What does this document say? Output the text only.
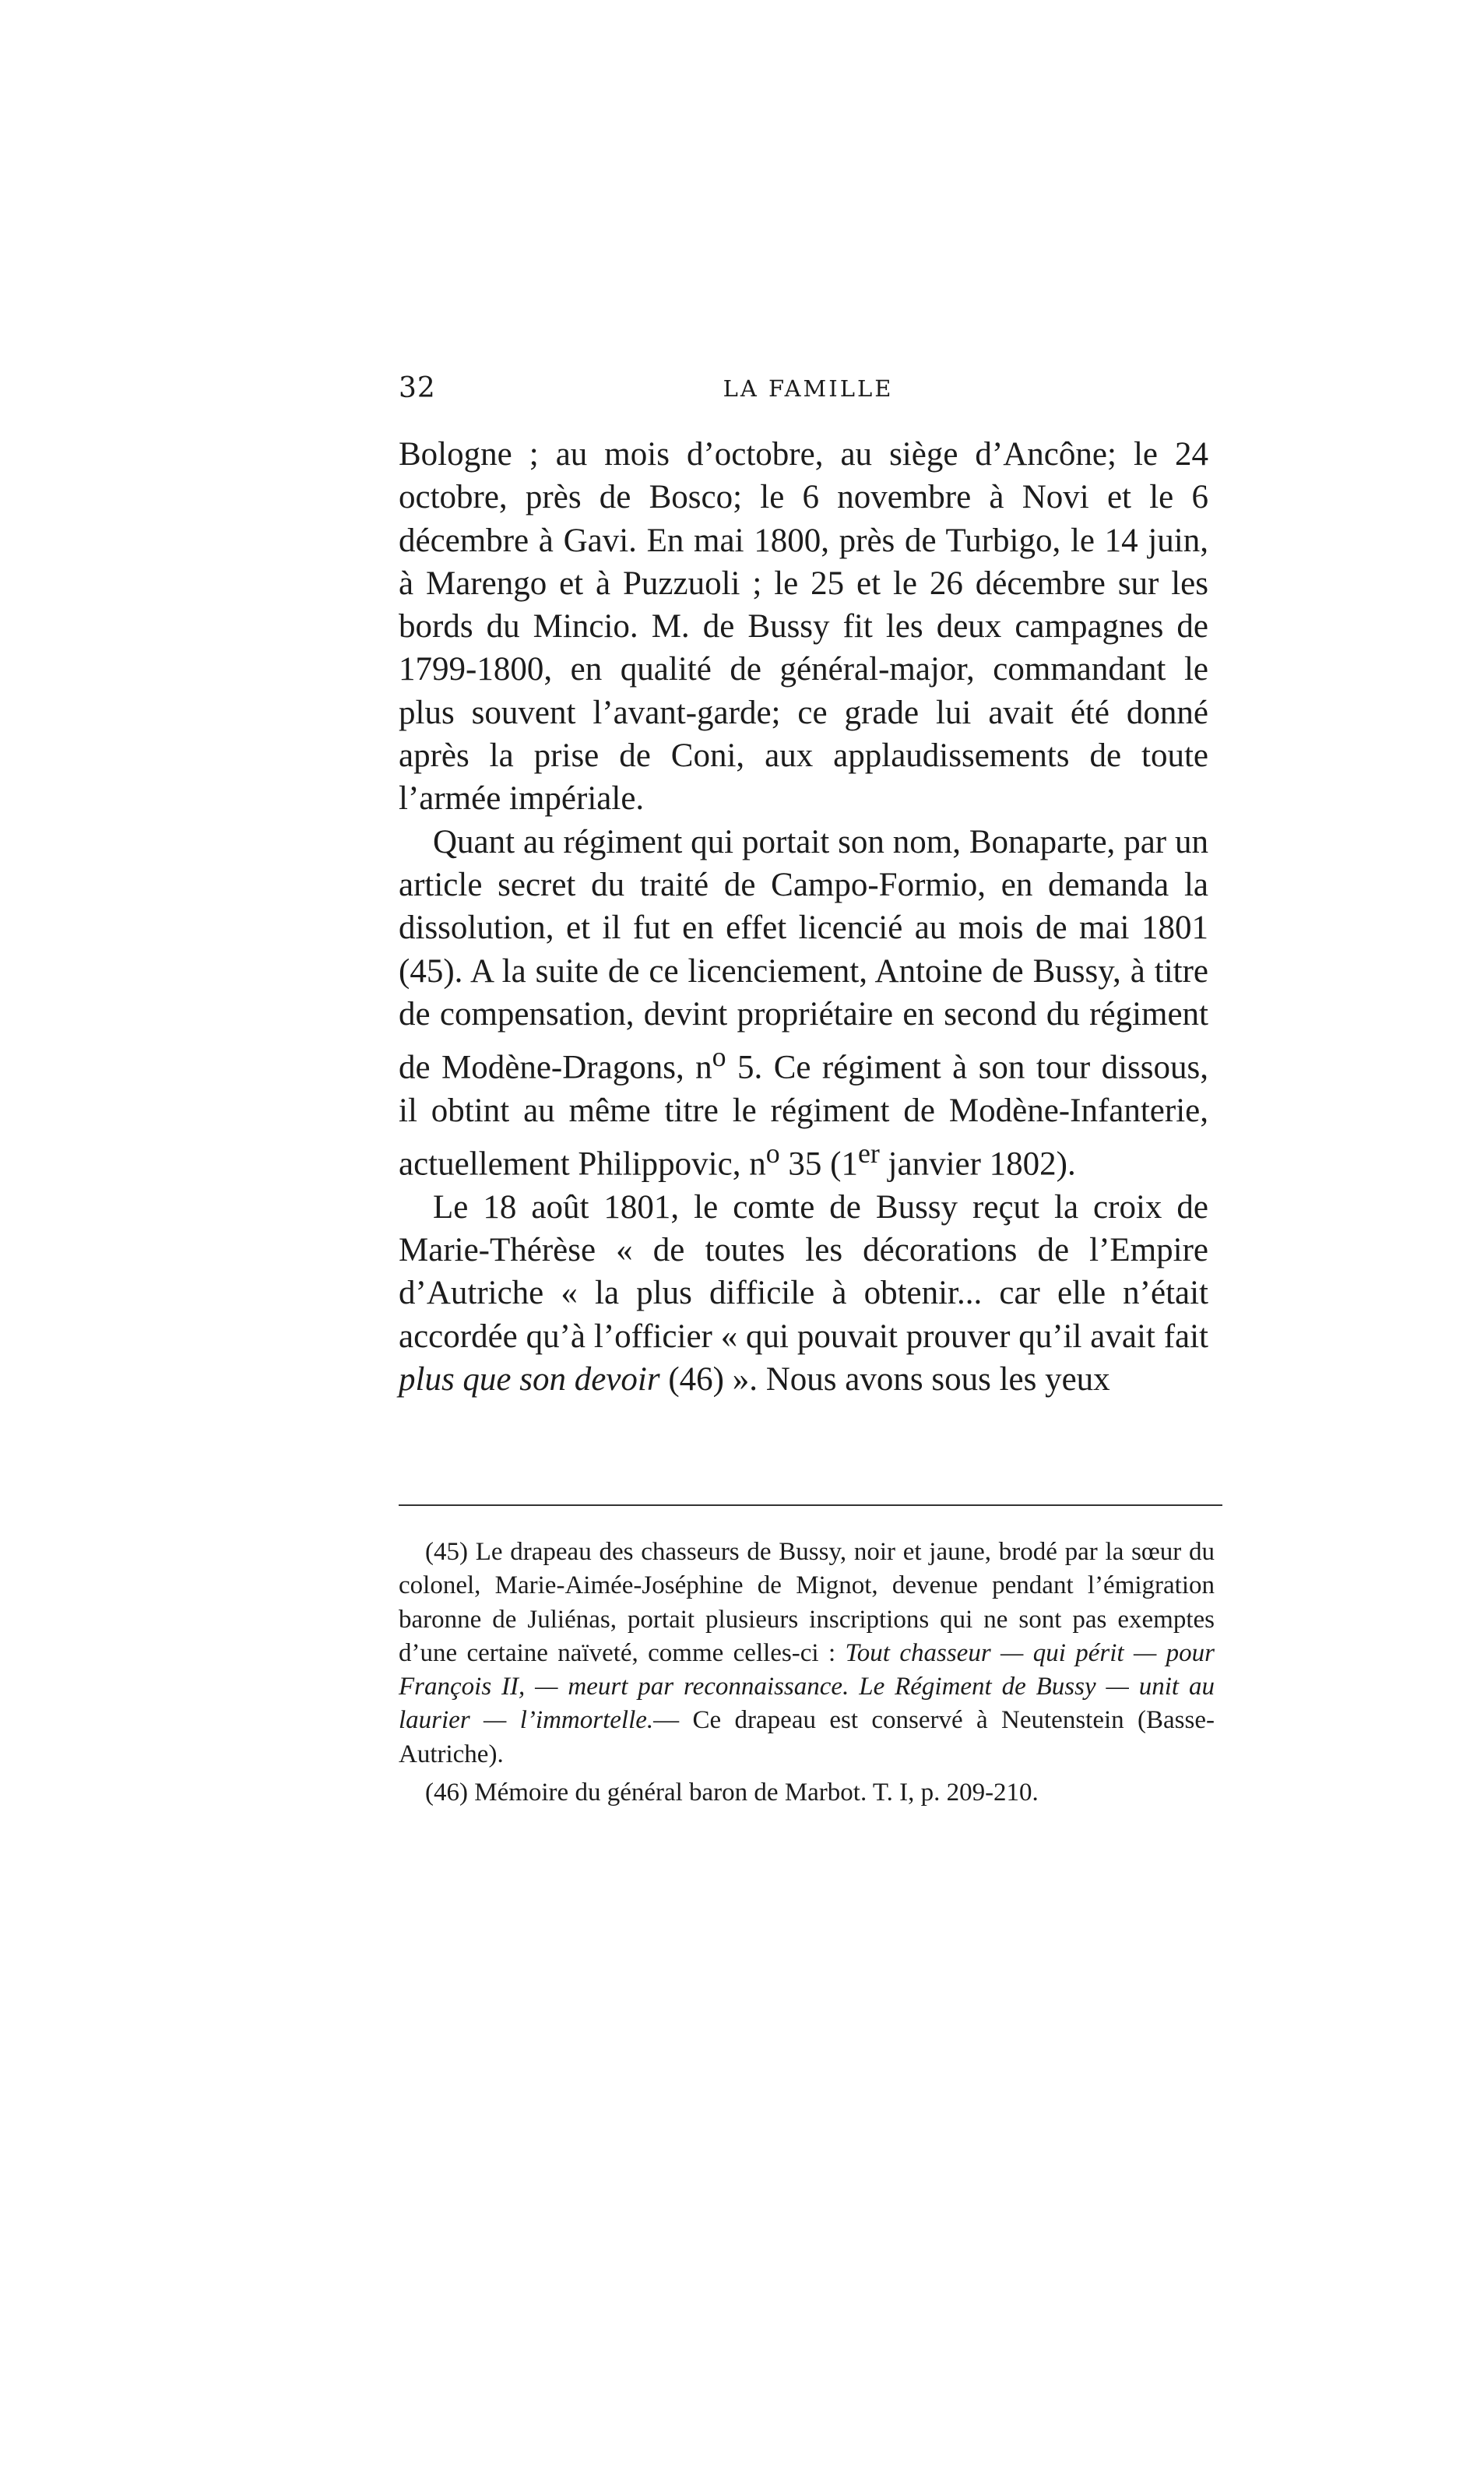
32	LA FAMILLE

Bologne ; au mois d’octobre, au siège d’Ancône; le 24 octobre, près de Bosco; le 6 novembre à Novi et le 6 décembre à Gavi. En mai 1800, près de Turbigo, le 14 juin, à Marengo et à Puzzuoli ; le 25 et le 26 décembre sur les bords du Mincio. M. de Bussy fit les deux campagnes de 1799-1800, en qualité de général-major, commandant le plus souvent l’avant-garde; ce grade lui avait été donné après la prise de Coni, aux applaudissements de toute l’armée impériale.

Quant au régiment qui portait son nom, Bonaparte, par un article secret du traité de Campo-Formio, en demanda la dissolution, et il fut en effet licencié au mois de mai 1801 (45). A la suite de ce licenciement, Antoine de Bussy, à titre de compensation, devint propriétaire en second du régiment de Modène-Dragons, $n^o$ 5. Ce régiment à son tour dissous, il obtint au même titre le régiment de Modène-Infanterie, actuellement Philippovic, $n^o$ 35 (1er janvier 1802).

Le 18 août 1801, le comte de Bussy reçut la croix de Marie-Thérèse « de toutes les décorations de l’Empire d’Autriche « la plus difficile à obtenir... car elle n’était accordée qu’à l’officier « qui pouvait prouver qu’il avait fait plus que son devoir (46) ». Nous avons sous les yeux

(45) Le drapeau des chasseurs de Bussy, noir et jaune, brodé par la sœur du colonel, Marie-Aimée-Joséphine de Mignot, devenue pendant l’émigration baronne de Juliénas, portait plusieurs inscriptions qui ne sont pas exemptes d’une certaine naïveté, comme celles-ci : Tout chasseur — qui périt — pour François II, — meurt par reconnaissance. Le Régiment de Bussy — unit au laurier — l’immortelle.— Ce drapeau est conservé à Neutenstein (Basse-Autriche).

(46) Mémoire du général baron de Marbot. T. I, p. 209-210.
